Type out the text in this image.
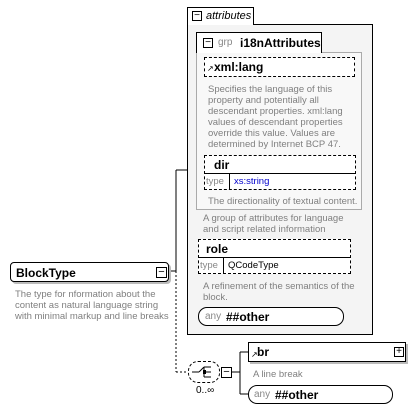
BlockType	−
The type for nformation about the
content as natural language string
with minimal markup and line breaks
− attributes
− grp i18nAttributes
↗ xml:lang
Specifies the language of this
property and potentially all
descendant properties. xml:lang
values of descendant properties
override this value. Values are
determined by Internet BCP 47.
dir
type xs:string
The directionality of textual content.
A group of attributes for language
and script related information
role
type QCodeType
A refinement of the semantics of the
block.
any ##other
−
0..∞
↗ br	+
A line break
any ##other
